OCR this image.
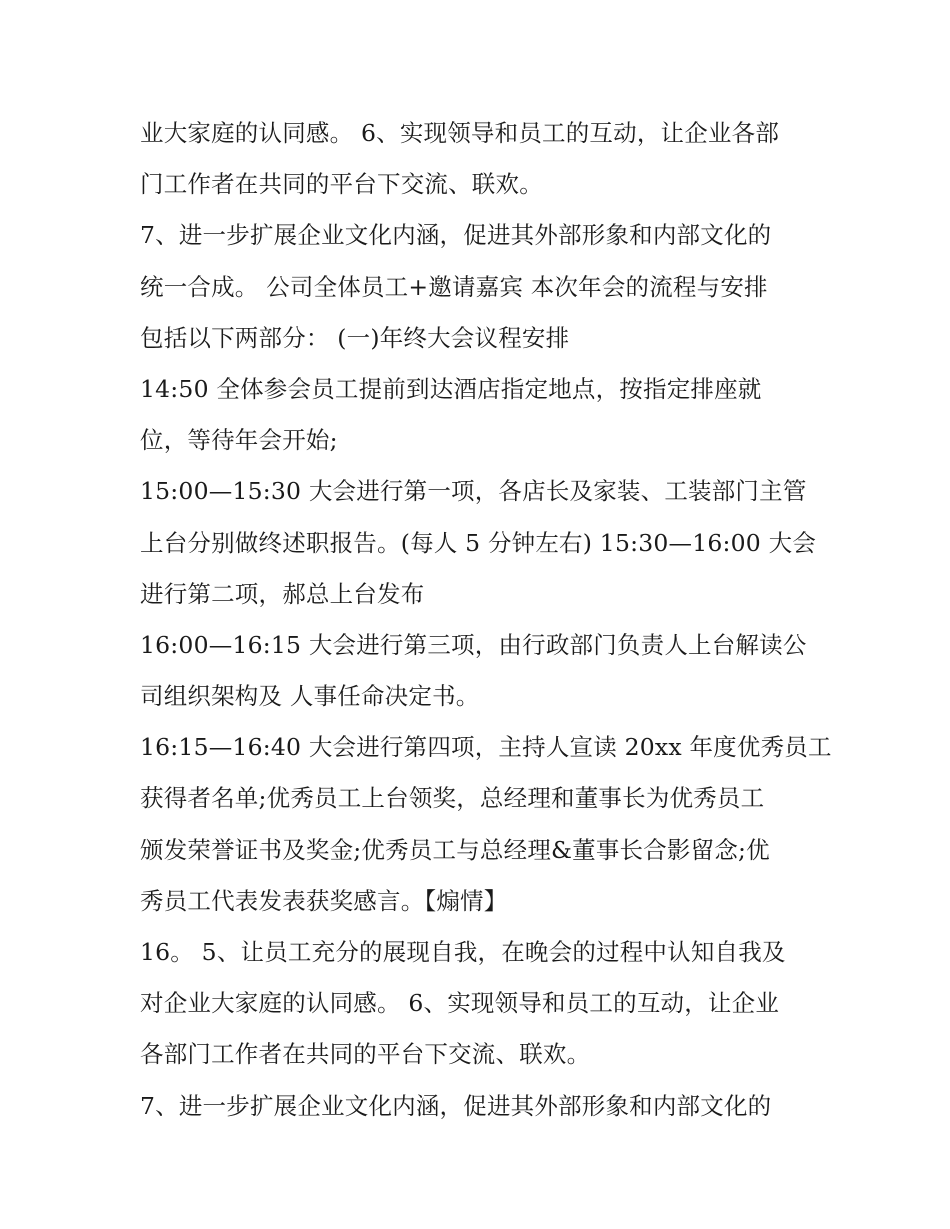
业大家庭的认同感。 6、实现领导和员工的互动，让企业各部
门工作者在共同的平台下交流、联欢。
7、进一步扩展企业文化内涵，促进其外部形象和内部文化的
统一合成。 公司全体员工+邀请嘉宾 本次年会的流程与安排
包括以下两部分： (一)年终大会议程安排
14:50 全体参会员工提前到达酒店指定地点，按指定排座就
位，等待年会开始;
15:00—15:30 大会进行第一项，各店长及家装、工装部门主管
上台分别做终述职报告。(每人 5 分钟左右) 15:30—16:00 大会
进行第二项，郝总上台发布
16:00—16:15 大会进行第三项，由行政部门负责人上台解读公
司组织架构及 人事任命决定书。
16:15—16:40 大会进行第四项，主持人宣读 20xx 年度优秀员工
获得者名单;优秀员工上台领奖，总经理和董事长为优秀员工
颁发荣誉证书及奖金;优秀员工与总经理&董事长合影留念;优
秀员工代表发表获奖感言。【煽情】
16。 5、让员工充分的展现自我，在晚会的过程中认知自我及
对企业大家庭的认同感。 6、实现领导和员工的互动，让企业
各部门工作者在共同的平台下交流、联欢。
7、进一步扩展企业文化内涵，促进其外部形象和内部文化的
